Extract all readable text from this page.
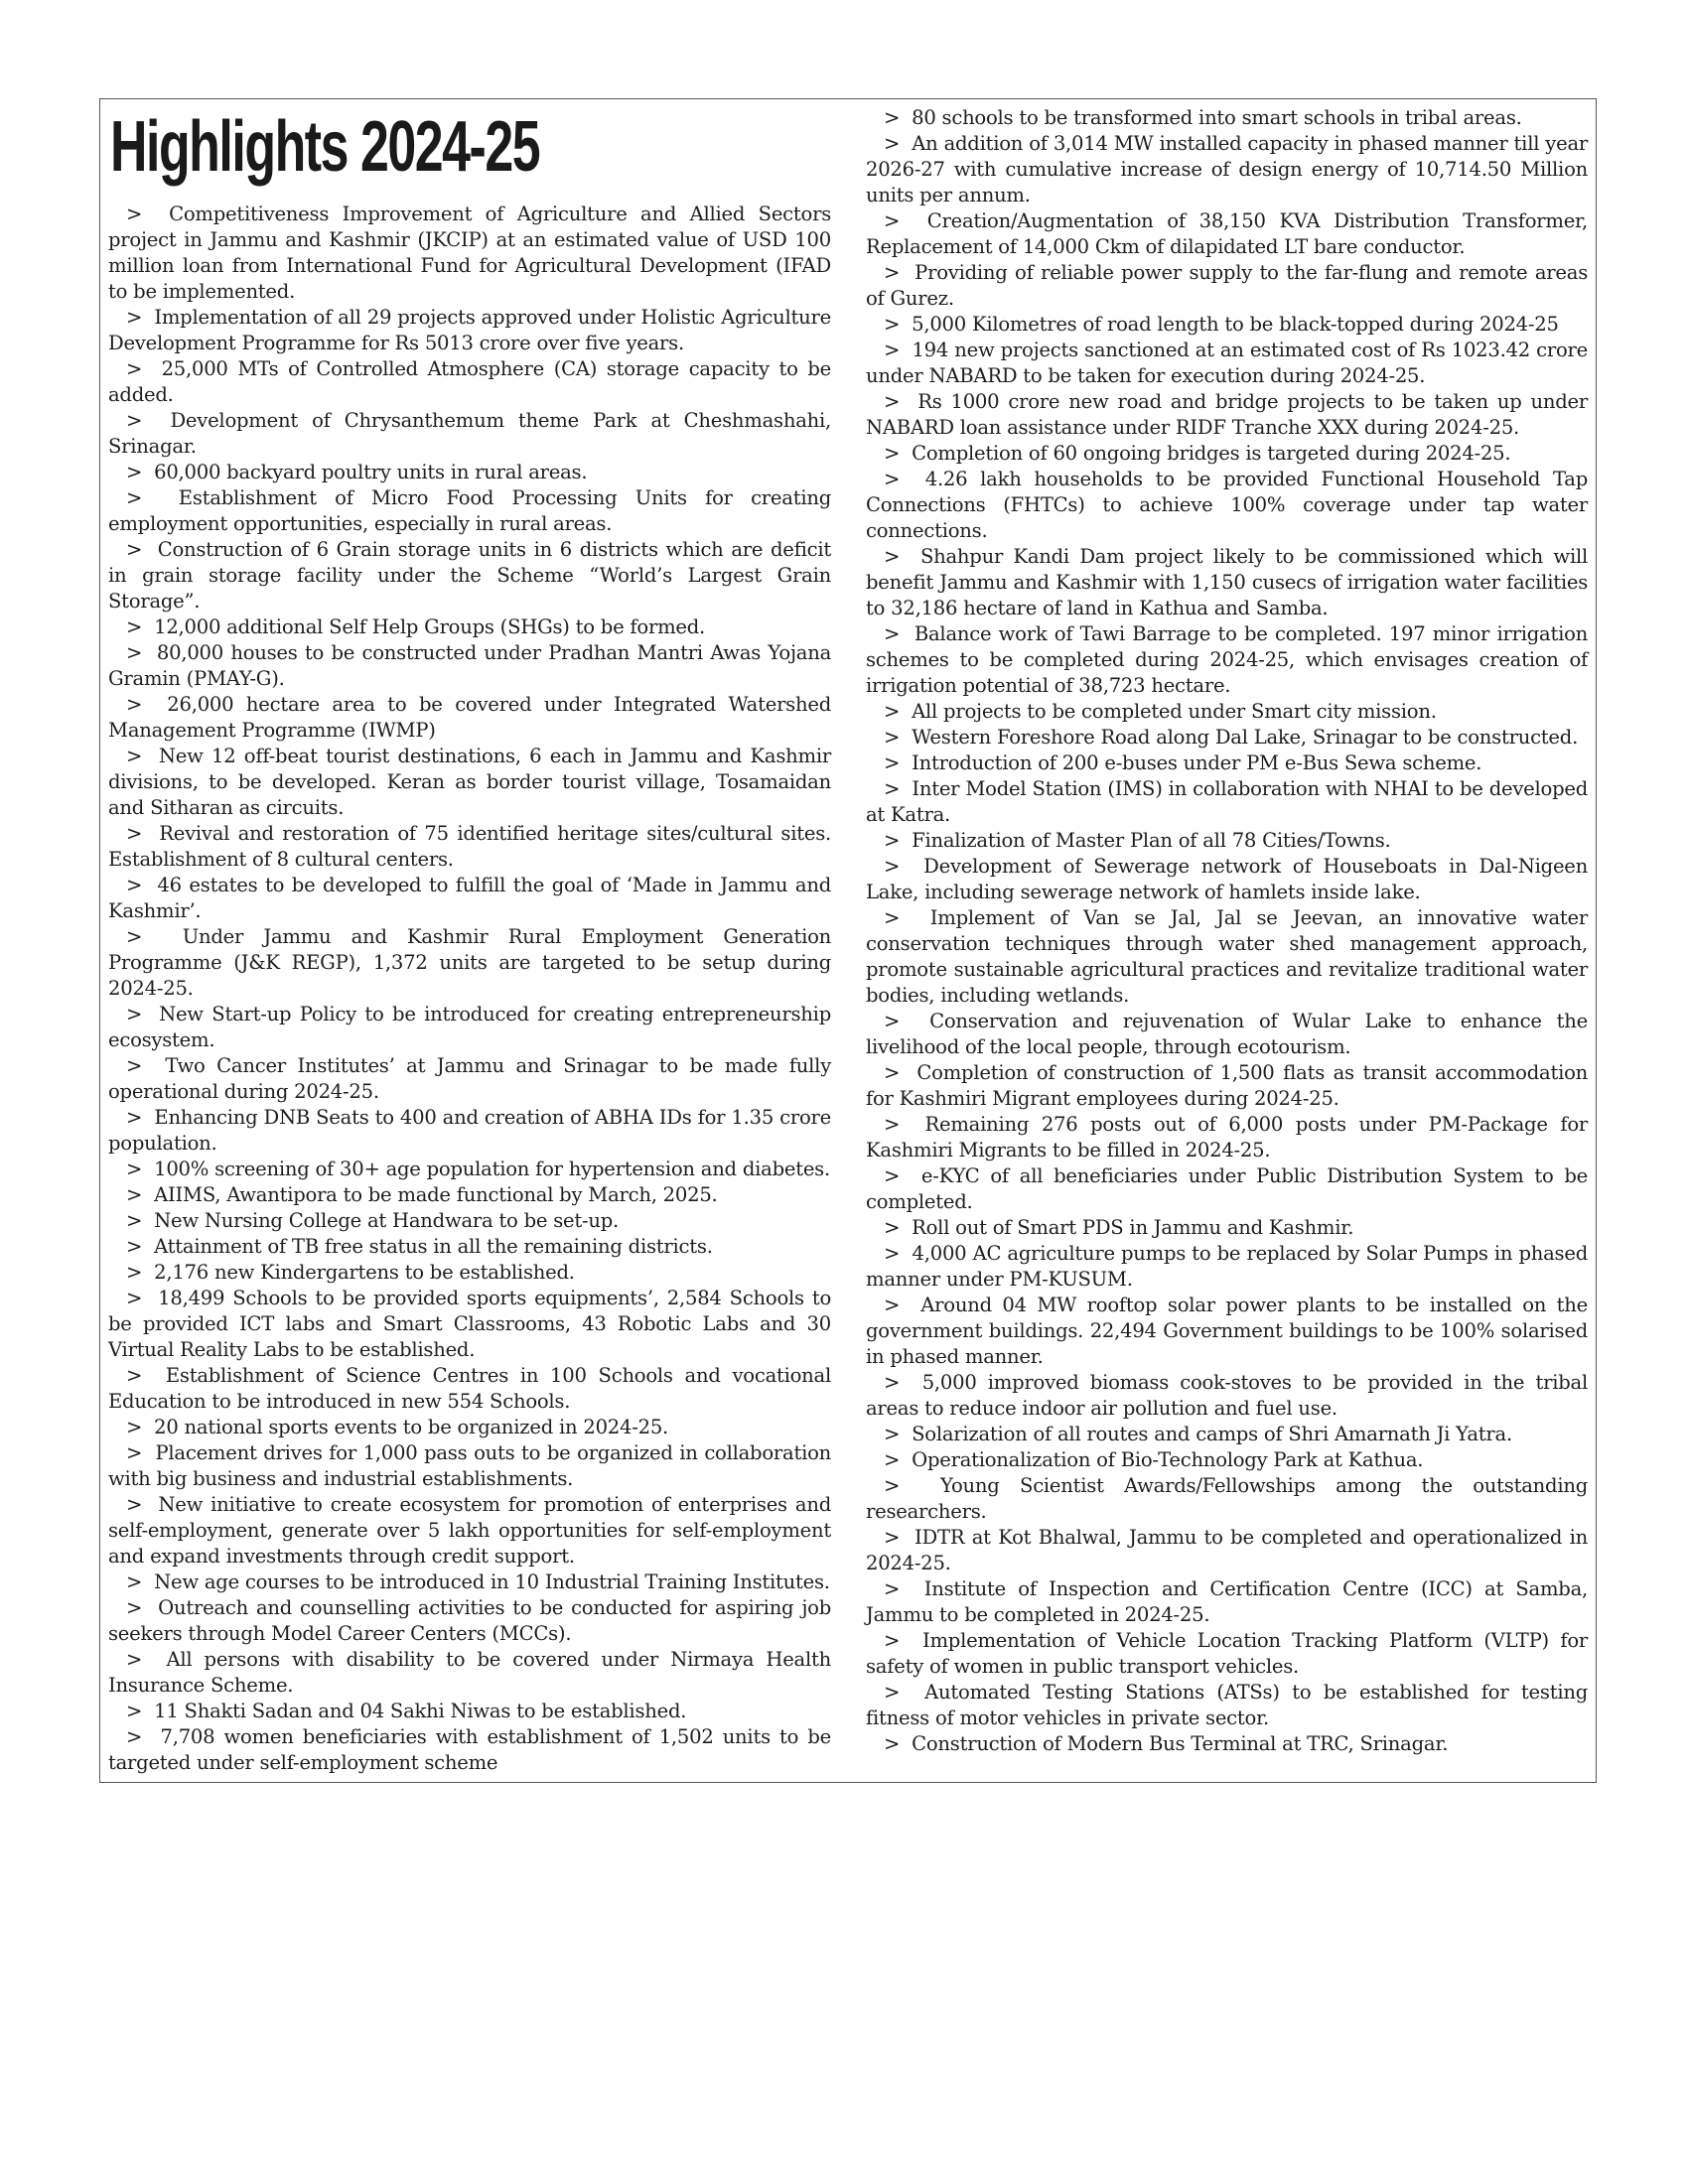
Highlights 2024-25

>  Competitiveness Improvement of Agriculture and Allied Sectors project in Jammu and Kashmir (JKCIP) at an estimated value of USD 100 million loan from International Fund for Agricultural Development (IFAD to be implemented.

>  Implementation of all 29 projects approved under Holistic Agriculture Development Programme for Rs 5013 crore over five years.

>  25,000 MTs of Controlled Atmosphere (CA) storage capacity to be added.

>  Development of Chrysanthemum theme Park at Cheshmashahi, Srinagar.

>  60,000 backyard poultry units in rural areas.

>  Establishment of Micro Food Processing Units for creating employment opportunities, especially in rural areas.

>  Construction of 6 Grain storage units in 6 districts which are deficit in grain storage facility under the Scheme “World’s Largest Grain Storage”.

>  12,000 additional Self Help Groups (SHGs) to be formed.

>  80,000 houses to be constructed under Pradhan Mantri Awas Yojana Gramin (PMAY-G).

>  26,000 hectare area to be covered under Integrated Watershed Management Programme (IWMP)

>  New 12 off-beat tourist destinations, 6 each in Jammu and Kashmir divisions, to be developed. Keran as border tourist village, Tosamaidan and Sitharan as circuits.

>  Revival and restoration of 75 identified heritage sites/cultural sites. Establishment of 8 cultural centers.

>  46 estates to be developed to fulfill the goal of ‘Made in Jammu and Kashmir’.

>  Under Jammu and Kashmir Rural Employment Generation Programme (J&K REGP), 1,372 units are targeted to be setup during 2024-25.

>  New Start-up Policy to be introduced for creating entrepreneurship ecosystem.

>  Two Cancer Institutes’ at Jammu and Srinagar to be made fully operational during 2024-25.

>  Enhancing DNB Seats to 400 and creation of ABHA IDs for 1.35 crore population.

>  100% screening of 30+ age population for hypertension and diabetes.

>  AIIMS, Awantipora to be made functional by March, 2025.

>  New Nursing College at Handwara to be set-up.

>  Attainment of TB free status in all the remaining districts.

>  2,176 new Kindergartens to be established.

>  18,499 Schools to be provided sports equipments’, 2,584 Schools to be provided ICT labs and Smart Classrooms, 43 Robotic Labs and 30 Virtual Reality Labs to be established.

>  Establishment of Science Centres in 100 Schools and vocational Education to be introduced in new 554 Schools.

>  20 national sports events to be organized in 2024-25.

>  Placement drives for 1,000 pass outs to be organized in collaboration with big business and industrial establishments.

>  New initiative to create ecosystem for promotion of enterprises and self-employment, generate over 5 lakh opportunities for self-employment and expand investments through credit support.

>  New age courses to be introduced in 10 Industrial Training Institutes.

>  Outreach and counselling activities to be conducted for aspiring job seekers through Model Career Centers (MCCs).

>  All persons with disability to be covered under Nirmaya Health Insurance Scheme.

>  11 Shakti Sadan and 04 Sakhi Niwas to be established.

>  7,708 women beneficiaries with establishment of 1,502 units to be targeted under self-employment scheme

>  80 schools to be transformed into smart schools in tribal areas.

>  An addition of 3,014 MW installed capacity in phased manner till year 2026-27 with cumulative increase of design energy of 10,714.50 Million units per annum.

>  Creation/Augmentation of 38,150 KVA Distribution Transformer, Replacement of 14,000 Ckm of dilapidated LT bare conductor.

>  Providing of reliable power supply to the far-flung and remote areas of Gurez.

>  5,000 Kilometres of road length to be black-topped during 2024-25

>  194 new projects sanctioned at an estimated cost of Rs 1023.42 crore under NABARD to be taken for execution during 2024-25.

>  Rs 1000 crore new road and bridge projects to be taken up under NABARD loan assistance under RIDF Tranche XXX during 2024-25.

>  Completion of 60 ongoing bridges is targeted during 2024-25.

>  4.26 lakh households to be provided Functional Household Tap Connections (FHTCs) to achieve 100% coverage under tap water connections.

>  Shahpur Kandi Dam project likely to be commissioned which will benefit Jammu and Kashmir with 1,150 cusecs of irrigation water facilities to 32,186 hectare of land in Kathua and Samba.

>  Balance work of Tawi Barrage to be completed. 197 minor irrigation schemes to be completed during 2024-25, which envisages creation of irrigation potential of 38,723 hectare.

>  All projects to be completed under Smart city mission.

>  Western Foreshore Road along Dal Lake, Srinagar to be constructed.

>  Introduction of 200 e-buses under PM e-Bus Sewa scheme.

>  Inter Model Station (IMS) in collaboration with NHAI to be developed at Katra.

>  Finalization of Master Plan of all 78 Cities/Towns.

>  Development of Sewerage network of Houseboats in Dal-Nigeen Lake, including sewerage network of hamlets inside lake.

>  Implement of Van se Jal, Jal se Jeevan, an innovative water conservation techniques through water shed management approach, promote sustainable agricultural practices and revitalize traditional water bodies, including wetlands.

>  Conservation and rejuvenation of Wular Lake to enhance the livelihood of the local people, through ecotourism.

>  Completion of construction of 1,500 flats as transit accommodation for Kashmiri Migrant employees during 2024-25.

>  Remaining 276 posts out of 6,000 posts under PM-Package for Kashmiri Migrants to be filled in 2024-25.

>  e-KYC of all beneficiaries under Public Distribution System to be completed.

>  Roll out of Smart PDS in Jammu and Kashmir.

>  4,000 AC agriculture pumps to be replaced by Solar Pumps in phased manner under PM-KUSUM.

>  Around 04 MW rooftop solar power plants to be installed on the government buildings. 22,494 Government buildings to be 100% solarised in phased manner.

>  5,000 improved biomass cook-stoves to be provided in the tribal areas to reduce indoor air pollution and fuel use.

>  Solarization of all routes and camps of Shri Amarnath Ji Yatra.

>  Operationalization of Bio-Technology Park at Kathua.

>  Young Scientist Awards/Fellowships among the outstanding researchers.

>  IDTR at Kot Bhalwal, Jammu to be completed and operationalized in 2024-25.

>  Institute of Inspection and Certification Centre (ICC) at Samba, Jammu to be completed in 2024-25.

>  Implementation of Vehicle Location Tracking Platform (VLTP) for safety of women in public transport vehicles.

>  Automated Testing Stations (ATSs) to be established for testing fitness of motor vehicles in private sector.

>  Construction of Modern Bus Terminal at TRC, Srinagar.
